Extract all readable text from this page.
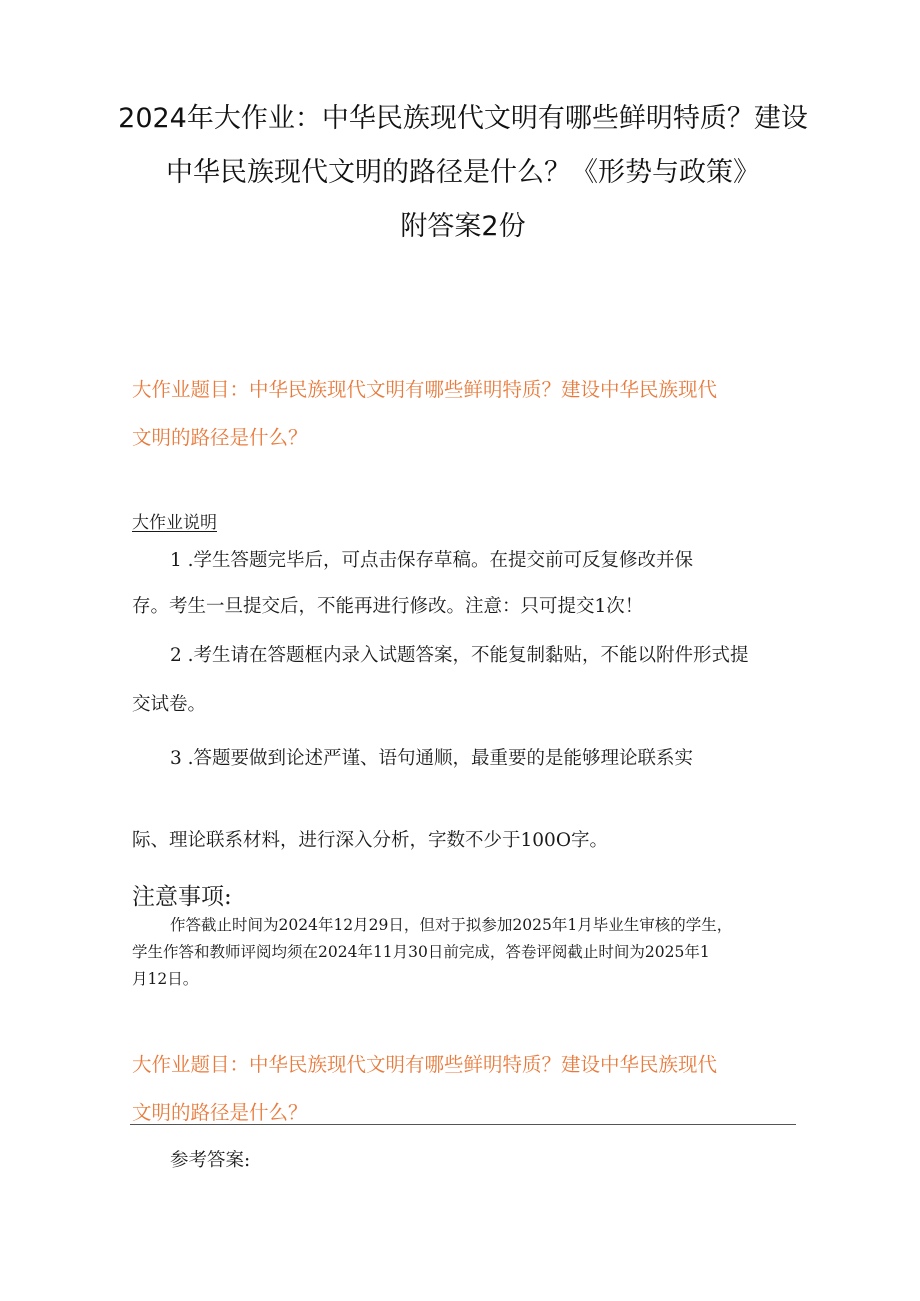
2024年大作业：中华民族现代文明有哪些鲜明特质？建设
中华民族现代文明的路径是什么？《形势与政策》
附答案2份
大作业题目：中华民族现代文明有哪些鲜明特质？建设中华民族现代
文明的路径是什么？
大作业说明
1 .学生答题完毕后，可点击保存草稿。在提交前可反复修改并保
存。考生一旦提交后，不能再进行修改。注意：只可提交1次！
2 .考生请在答题框内录入试题答案，不能复制黏贴，不能以附件形式提
交试卷。
3 .答题要做到论述严谨、语句通顺，最重要的是能够理论联系实
际、理论联系材料，进行深入分析，字数不少于100O字。
注意事项:
作答截止时间为2024年12月29日，但对于拟参加2025年1月毕业生审核的学生，
学生作答和教师评阅均须在2024年11月30日前完成，答卷评阅截止时间为2025年1
月12日。
大作业题目：中华民族现代文明有哪些鲜明特质？建设中华民族现代
文明的路径是什么？
参考答案:
